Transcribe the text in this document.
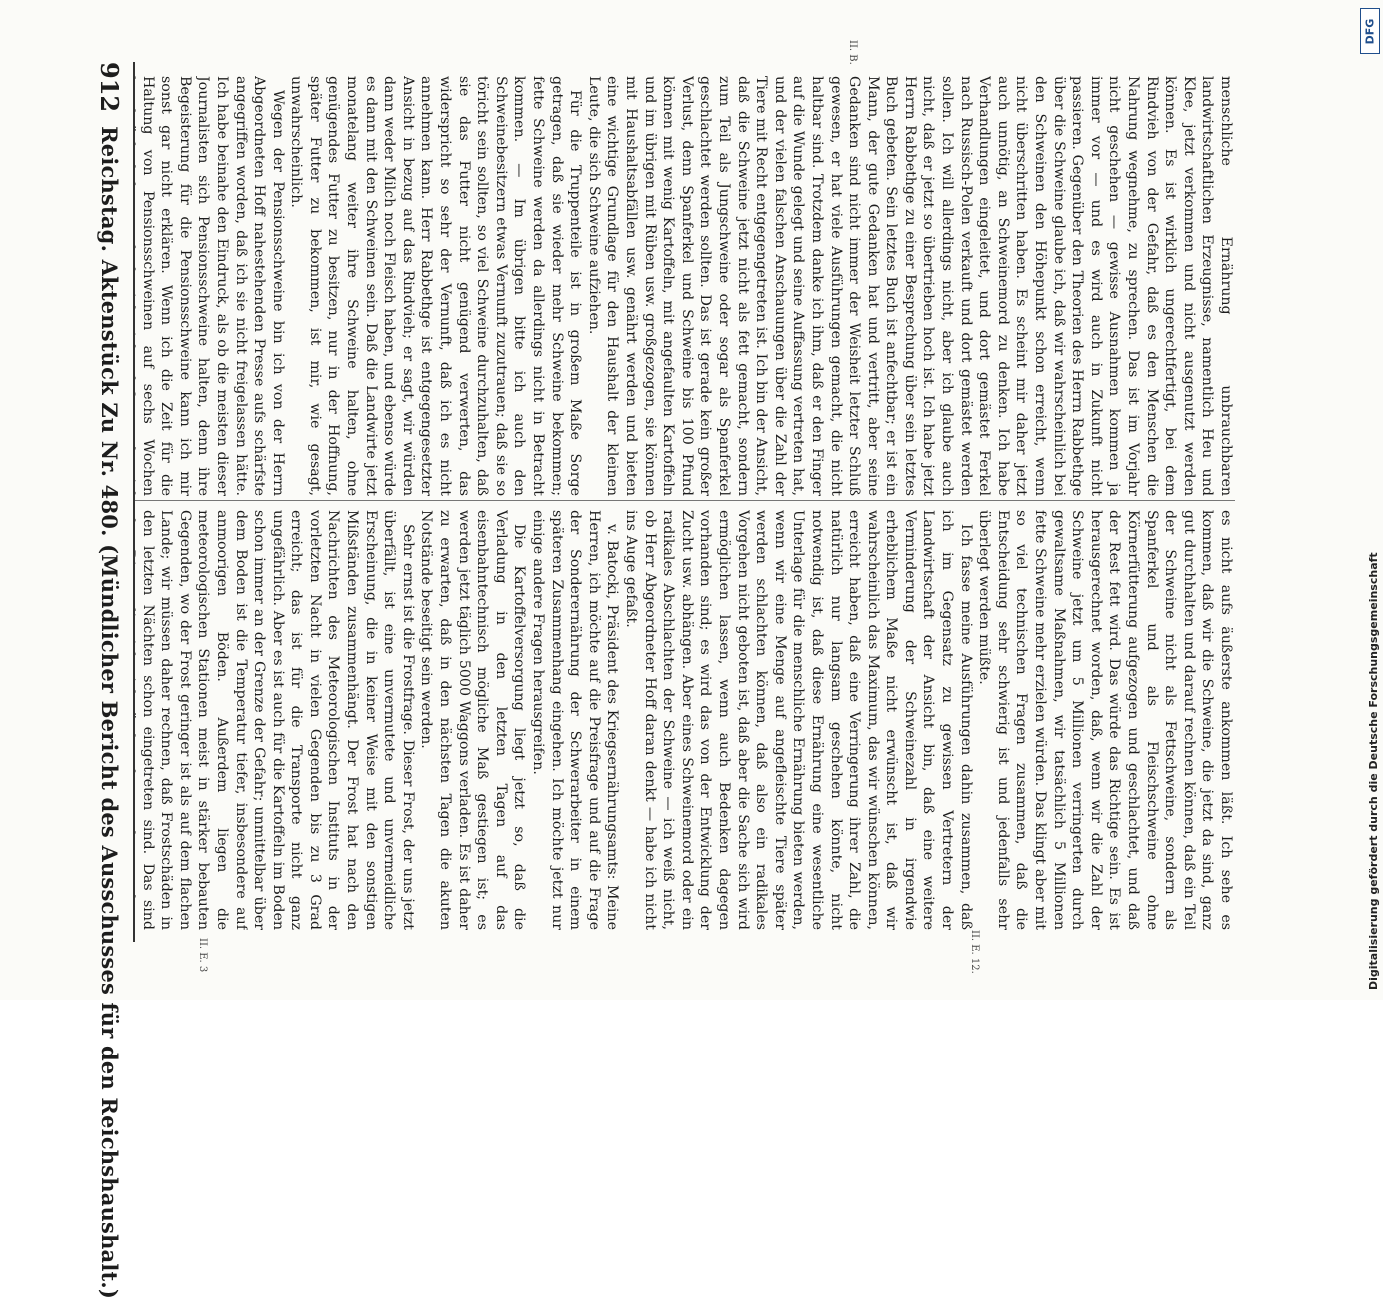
912
Reichstag. Aktenstück Zu Nr. 480. (Mündlicher Bericht des Ausschusses für den Reichshaushalt.)	menschliche Ernährung unbrauchbaren landwirtschaftlichen Erzeugnisse, namentlich Heu und Klee, jetzt verkommen und nicht ausgenutzt werden können. Es ist wirklich ungerechtfertigt, bei dem Rindvieh von der Gefahr, daß es den Menschen die Nahrung wegnehme, zu sprechen. Das ist im Vorjahr nicht geschehen — gewisse Ausnahmen kommen ja immer vor — und es wird auch in Zukunft nicht passieren. Gegenüber den Theorien des Herrn Rabbethge über die Schweine glaube ich, daß wir wahrscheinlich bei den Schweinen den Höhepunkt schon erreicht, wenn nicht überschritten haben. Es scheint mir daher jetzt auch unnötig, an Schweinemord zu denken. Ich habe Verhandlungen eingeleitet, und dort gemästet Ferkel nach Russisch-Polen verkauft und dort gemästet werden sollen. Ich will allerdings nicht, aber ich glaube auch nicht, daß er jetzt so übertrieben hoch ist. Ich habe jetzt Herrn Rabbethge zu einer Besprechung über sein letztes Buch gebeten. Sein letztes Buch ist anfechtbar; er ist ein Mann, der gute Gedanken hat und vertritt, aber seine Gedanken sind nicht immer der Weisheit letzter Schluß gewesen, er hat viele Ausführungen gemacht, die nicht haltbar sind. Trotzdem danke ich ihm, daß er den Finger auf die Wunde gelegt und seine Auffassung vertreten hat, und der vielen falschen Anschauungen über die Zahl der Tiere mit Recht entgegengetreten ist. Ich bin der Ansicht, daß die Schweine jetzt nicht als fett gemacht, sondern zum Teil als Jungschweine oder sogar als Spanferkel geschlachtet werden sollten. Das ist gerade kein großer Verlust, denn Spanferkel und Schweine bis 100 Pfund können mit wenig Kartoffeln, mit angefaulten Kartoffeln und im übrigen mit Rüben usw. großgezogen, sie können mit Haushaltsabfällen usw. genährt werden und bieten eine wichtige Grundlage für den Haushalt der kleinen Leute, die sich Schweine aufziehen.

Für die Truppenteile ist in großem Maße Sorge getragen, daß sie wieder mehr Schweine bekommen; fette Schweine werden da allerdings nicht in Betracht kommen. — Im übrigen bitte ich auch den Schweinebesitzern etwas Vernunft zuzutrauen; daß sie so töricht sein sollten, so viel Schweine durchzuhalten, daß sie das Futter nicht genügend verwerten, das widerspricht so sehr der Vernunft, daß ich es nicht annehmen kann. Herr Rabbethge ist entgegengesetzter Ansicht in bezug auf das Rindvieh; er sagt, wir würden dann weder Milch noch Fleisch haben, und ebenso würde es dann mit den Schweinen sein. Daß die Landwirte jetzt monatelang weiter ihre Schweine halten, ohne genügendes Futter zu besitzen, nur in der Hoffnung, später Futter zu bekommen, ist mir, wie gesagt, unwahrscheinlich.

Wegen der Pensionsschweine bin ich von der Herrn Abgeordneten Hoff nahestehenden Presse aufs schärfste angegriffen worden, daß ich sie nicht freigelassen hätte. Ich habe beinahe den Eindruck, als ob die meisten dieser Journalisten sich Pensionsschweine halten, denn ihre Begeisterung für die Pensionsschweine kann ich mir sonst gar nicht erklären. Wenn ich die Zeit für die Haltung von Pensionsschweinen auf sechs Wochen

es nicht aufs äußerste ankommen läßt. Ich sehe es kommen, daß wir die Schweine, die jetzt da sind, ganz gut durchhalten und darauf rechnen können, daß ein Teil der Schweine nicht als Fettschweine, sondern als Spanferkel und als Fleischschweine ohne Körnerfütterung aufgezogen und geschlachtet, und daß der Rest fett wird. Das würde das Richtige sein. Es ist herausgerechnet worden, daß, wenn wir die Zahl der Schweine jetzt um 5 Millionen verringerten durch gewaltsame Maßnahmen, wir tatsächlich 5 Millionen fette Schweine mehr erzielen würden. Das klingt aber mit so viel technischen Fragen zusammen, daß die Entscheidung sehr schwierig ist und jedenfalls sehr überlegt werden müßte.

Ich fasse meine Ausführungen dahin zusammen, daß ich im Gegensatz zu gewissen Vertretern der Landwirtschaft der Ansicht bin, daß eine weitere Verminderung der Schweinezahl in irgendwie erheblichem Maße nicht erwünscht ist, daß wir wahrscheinlich das Maximum, das wir wünschen können, erreicht haben, daß eine Verringerung ihrer Zahl, die natürlich nur langsam geschehen könnte, nicht notwendig ist, daß diese Ernährung eine wesentliche Unterlage für die menschliche Ernährung bieten werden, wenn wir eine Menge auf angefleischte Tiere später werden schlachten können, daß also ein radikales Vorgehen nicht geboten ist, daß aber die Sache sich wird ermöglichen lassen, wenn auch Bedenken dagegen vorhanden sind; es wird das von der Entwicklung der Zucht usw. abhängen. Aber eines Schweinemord oder ein radikales Abschlachten der Schweine — ich weiß nicht, ob Herr Abgeordneter Hoff daran denkt — habe ich nicht ins Auge gefaßt.

v. Batocki, Präsident des Kriegsernährungsamts: Meine Herren, ich möchte auf die Preisfrage und auf die Frage der Sonderernährung der Schwerarbeiter in einem späteren Zusammenhang eingehen. Ich möchte jetzt nur einige andere Fragen herausgreifen.

Die Kartoffelversorgung liegt jetzt so, daß die Verladung in den letzten Tagen auf das eisenbahntechnisch mögliche Maß gestiegen ist; es werden jetzt täglich 5000 Waggons verladen. Es ist daher zu erwarten, daß in den nächsten Tagen die akuten Notstände beseitigt sein werden.

Sehr ernst ist die Frostfrage. Dieser Frost, der uns jetzt überfällt, ist eine unvermutete und unvermeidliche Erscheinung, die in keiner Weise mit den sonstigen Mißständen zusammenhängt. Der Frost hat nach den Nachrichten des Meteorologischen Instituts in der vorletzten Nacht in vielen Gegenden bis zu 3 Grad erreicht; das ist für die Transporte nicht ganz ungefährlich. Aber es ist auch für die Kartoffeln im Boden schon immer an der Grenze der Gefahr; unmittelbar über dem Boden ist die Temperatur tiefer, insbesondere auf anmoorigen Böden. Außerdem liegen die meteorologischen Stationen meist in stärker bebauten Gegenden, wo der Frost geringer ist als auf dem flachen Lande; wir müssen daher rechnen, daß Frostschäden in den letzten Nächten schon eingetreten sind. Das sind

II. E. 3	II. E. 12.
II. B.
Digitalisierung gefördert durch die Deutsche Forschungsgemeinschaft
DFG
